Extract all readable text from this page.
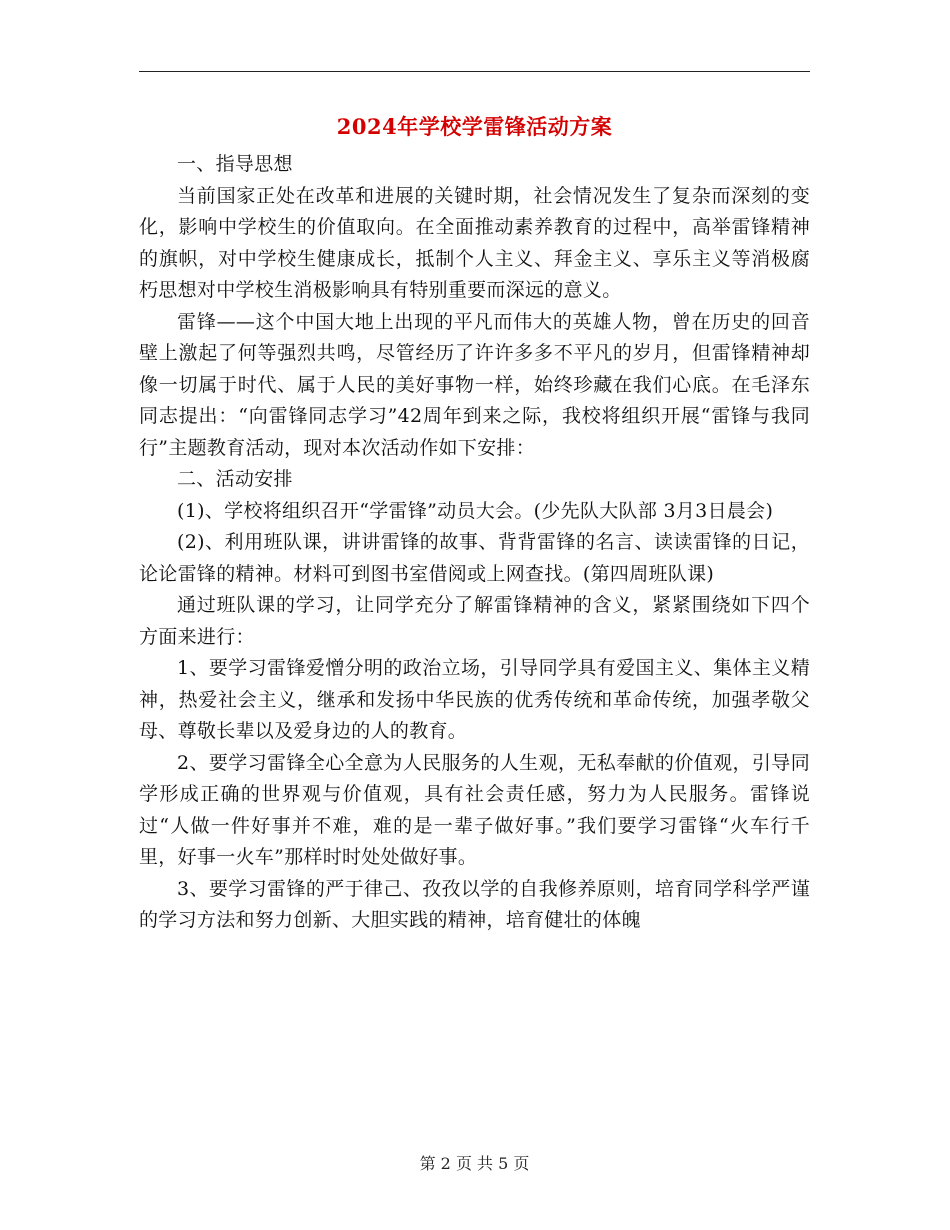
2024年学校学雷锋活动方案

一、指导思想

当前国家正处在改革和进展的关键时期，社会情况发生了复杂而深刻的变化，影响中学校生的价值取向。在全面推动素养教育的过程中，高举雷锋精神的旗帜，对中学校生健康成长，抵制个人主义、拜金主义、享乐主义等消极腐朽思想对中学校生消极影响具有特别重要而深远的意义。

雷锋——这个中国大地上出现的平凡而伟大的英雄人物，曾在历史的回音壁上激起了何等强烈共鸣，尽管经历了许许多多不平凡的岁月，但雷锋精神却像一切属于时代、属于人民的美好事物一样，始终珍藏在我们心底。在毛泽东同志提出：“向雷锋同志学习”42周年到来之际，我校将组织开展“雷锋与我同行”主题教育活动，现对本次活动作如下安排：

二、活动安排

(1)、学校将组织召开“学雷锋”动员大会。(少先队大队部 3月3日晨会)

(2)、利用班队课，讲讲雷锋的故事、背背雷锋的名言、读读雷锋的日记，论论雷锋的精神。材料可到图书室借阅或上网查找。(第四周班队课)

通过班队课的学习，让同学充分了解雷锋精神的含义，紧紧围绕如下四个方面来进行：

1、要学习雷锋爱憎分明的政治立场，引导同学具有爱国主义、集体主义精神，热爱社会主义，继承和发扬中华民族的优秀传统和革命传统，加强孝敬父母、尊敬长辈以及爱身边的人的教育。

2、要学习雷锋全心全意为人民服务的人生观，无私奉献的价值观，引导同学形成正确的世界观与价值观，具有社会责任感，努力为人民服务。雷锋说过“人做一件好事并不难，难的是一辈子做好事。”我们要学习雷锋“火车行千里，好事一火车”那样时时处处做好事。

3、要学习雷锋的严于律己、孜孜以学的自我修养原则，培育同学科学严谨的学习方法和努力创新、大胆实践的精神，培育健壮的体魄

第 2 页 共 5 页
